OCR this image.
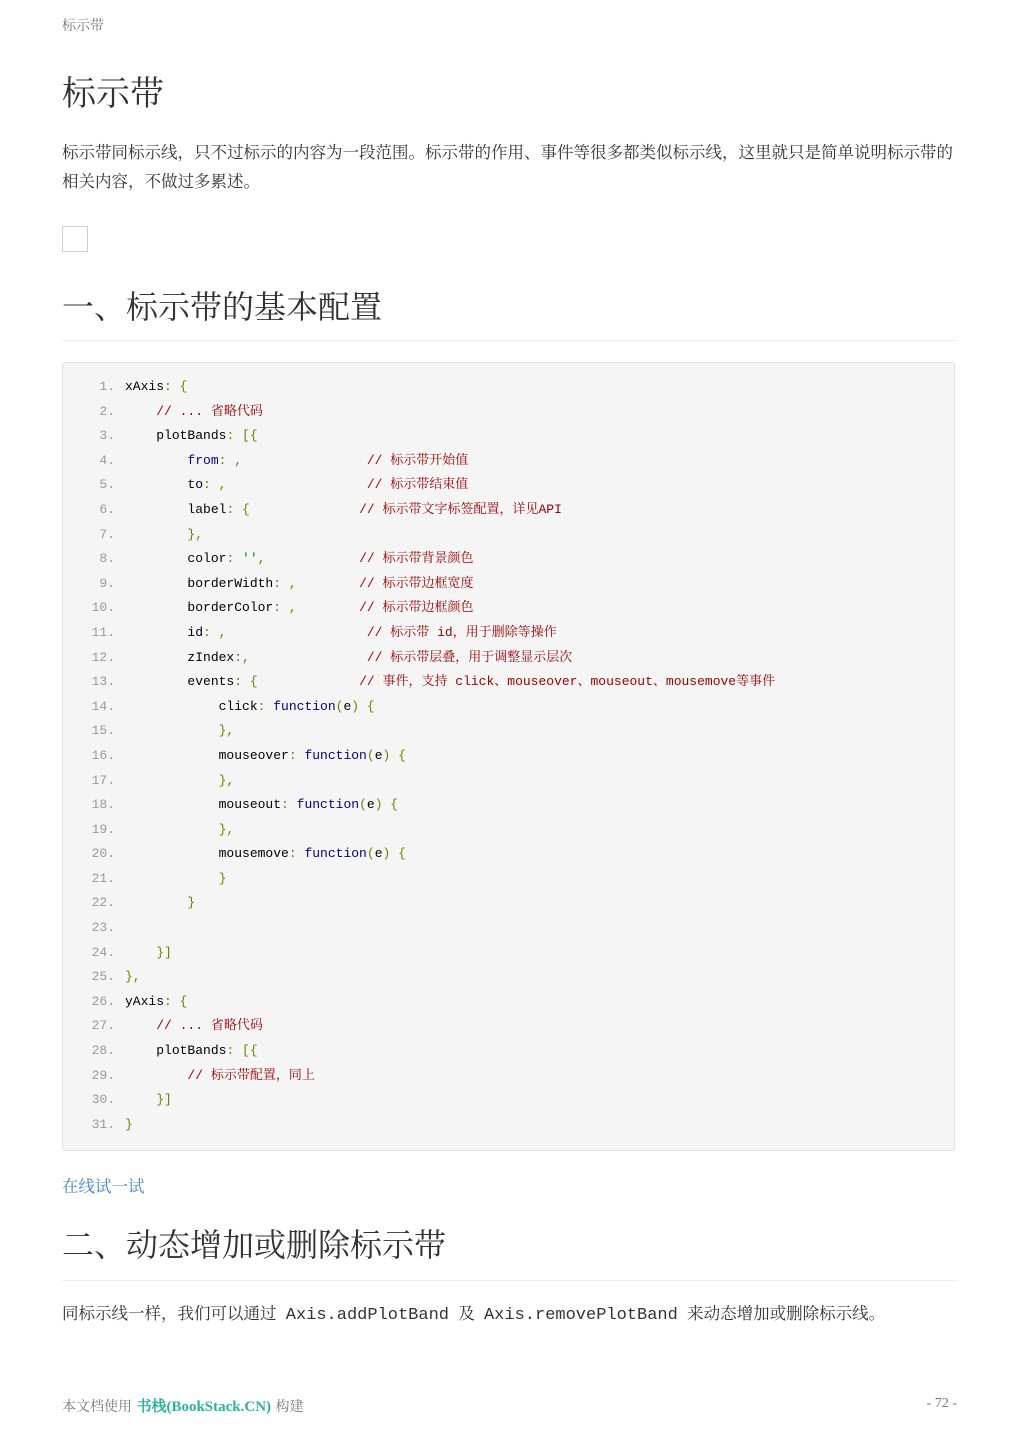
标示带
标示带

标示带同标示线，只不过标示的内容为一段范围。标示带的作用、事件等很多都类似标示线，这里就只是简单说明标示带的相关内容，不做过多累述。

一、标示带的基本配置
1. xAxis: {
2.	// ... 省略代码
3.	plotBands: [{
4.	from: ,	// 标示带开始值
5.	to: ,	// 标示带结束值
6.	label: {	// 标示带文字标签配置，详见API
7.	},
8.	color: '',	// 标示带背景颜色
9.	borderWidth: ,	// 标示带边框宽度
10.	borderColor: ,	// 标示带边框颜色
11.	id: ,	// 标示带 id，用于删除等操作
12.	zIndex:,	// 标示带层叠，用于调整显示层次
13.	events: {	// 事件，支持 click、mouseover、mouseout、mousemove等事件
14.	click: function(e) {
15.	},
16.	mouseover: function(e) {
17.	},
18.	mouseout: function(e) {
19.	},
20.	mousemove: function(e) {
21.	}
22.	}
23.
24.	}]
25. },
26. yAxis: {
27.	// ... 省略代码
28.	plotBands: [{
29.	// 标示带配置，同上
30.	}]
31. }
在线试一试
二、动态增加或删除标示带

同标示线一样，我们可以通过 Axis.addPlotBand 及 Axis.removePlotBand 来动态增加或删除标示线。

本文档使用 书栈(BookStack.CN) 构建	- 72 -
